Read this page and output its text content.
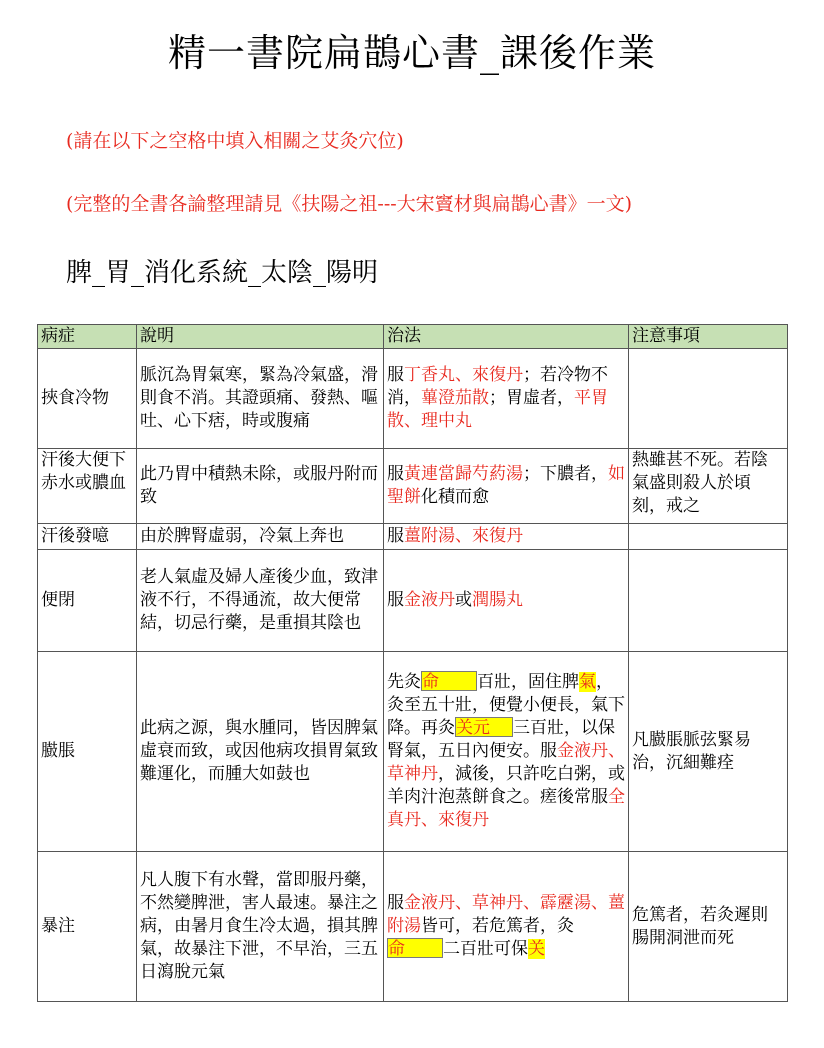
精一書院扁鵲心書_課後作業
(請在以下之空格中填入相關之艾灸穴位)
(完整的全書各論整理請見《扶陽之祖---大宋竇材與扁鵲心書》一文)
脾_胃_消化系統_太陰_陽明
病症	說明	治法	注意事項
挾食冷物	脈沉為胃氣寒，緊為冷氣盛，滑則食不消。其證頭痛、發熱、嘔吐、心下痞，時或腹痛	服丁香丸、來復丹；若冷物不消，蓽澄茄散；胃虛者，平胃散、理中丸	
汗後大便下赤水或膿血	此乃胃中積熱未除，或服丹附而致	服黃連當歸芍葯湯；下膿者，如聖餅化積而愈	熱雖甚不死。若陰氣盛則殺人於頃刻，戒之
汗後發噫	由於脾腎虛弱，冷氣上奔也	服薑附湯、來復丹	
便閉	老人氣虛及婦人產後少血，致津液不行，不得通流，故大便常結，切忌行藥，是重損其陰也	服金液丹或潤腸丸	
臌脹	此病之源，與水腫同，皆因脾氣虛衰而致，或因他病攻損胃氣致難運化，而腫大如鼓也	先灸命 百壯，固住脾氣，灸至五十壯，便覺小便長，氣下降。再灸关元 三百壯，以保腎氣，五日內便安。服金液丹、草神丹，減後，只許吃白粥，或羊肉汁泡蒸餅食之。瘥後常服全真丹、來復丹	凡臌脹脈弦緊易治，沉細難痊
暴注	凡人腹下有水聲，當即服丹藥，不然變脾泄，害人最速。暴注之病，由暑月食生冷太過，損其脾氣，故暴注下泄，不早治，三五日瀉脫元氣	服金液丹、草神丹、霹靂湯、薑附湯皆可，若危篤者，灸命 二百壯可保关	危篤者，若灸遲則腸開洞泄而死
